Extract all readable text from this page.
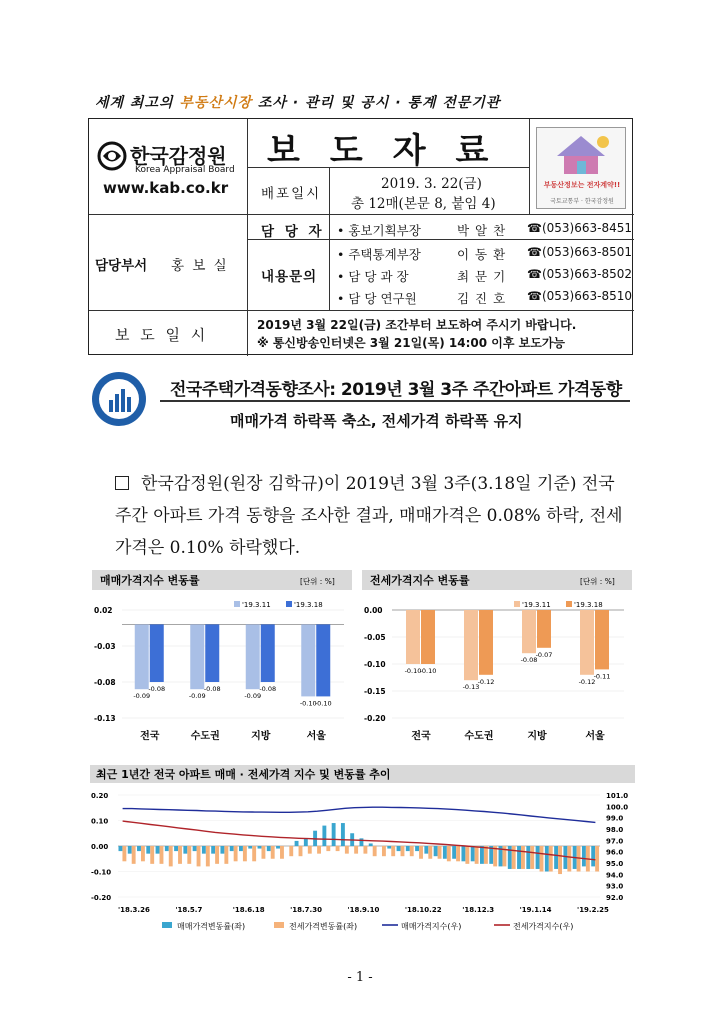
세계 최고의 부동산시장 조사 · 관리 및 공시 · 통계 전문기관
한국감정원
Korea Appraisal Board
www.kab.co.kr
보도자료
배포일시
2019. 3. 22(금)
총 12매(본문 8, 붙임 4)
부동산정보는 전자계약!!
국토교통부 · 한국감정원
담 당 자
내용문의
• 홍보기획부장	박 알 찬 ☎(053)663-8451
• 주택통계부장	이 동 환 ☎(053)663-8501
• 담 당 과 장	최 문 기 ☎(053)663-8502
• 담 당 연구원	김 진 호 ☎(053)663-8510
담당부서 홍 보 실
보 도 일 시
2019년 3월 22일(금) 조간부터 보도하여 주시기 바랍니다.
※ 통신방송인터넷은 3월 21일(목) 14:00 이후 보도가능
전국주택가격동향조사: 2019년 3월 3주 주간아파트 가격동향
매매가격 하락폭 축소, 전세가격 하락폭 유지
한국감정원(원장 김학규)이 2019년 3월 3주(3.18일 기준) 전국 주간 아파트 가격 동향을 조사한 결과, 매매가격은 0.08% 하락, 전세가격은 0.10% 하락했다.
매매가격지수 변동률	[단위 : %]
0.02
-0.03
-0.08
-0.13
'19.3.11	'19.3.18
-0.09
-0.08
전국
-0.09
-0.08
수도권
-0.09
-0.08
지방
-0.10
-0.10
서울
전세가격지수 변동률	[단위 : %]
0.00
-0.05
-0.10
-0.15
-0.20
'19.3.11	'19.3.18
-0.10
-0.10
전국
-0.13
-0.12
수도권
-0.08
-0.07
지방
-0.12
-0.11
서울
최근 1년간 전국 아파트 매매 · 전세가격 지수 및 변동률 추이
0.20
0.10
0.00
-0.10
-0.20
101.0
100.0
99.0
98.0
97.0
96.0
95.0
94.0
93.0
92.0
'18.3.26	'18.5.7	'18.6.18	'18.7.30	'18.9.10	'18.10.22	'18.12.3	'19.1.14	'19.2.25
매매가격변동률(좌)	전세가격변동률(좌)	매매가격지수(우)	전세가격지수(우)
- 1 -
